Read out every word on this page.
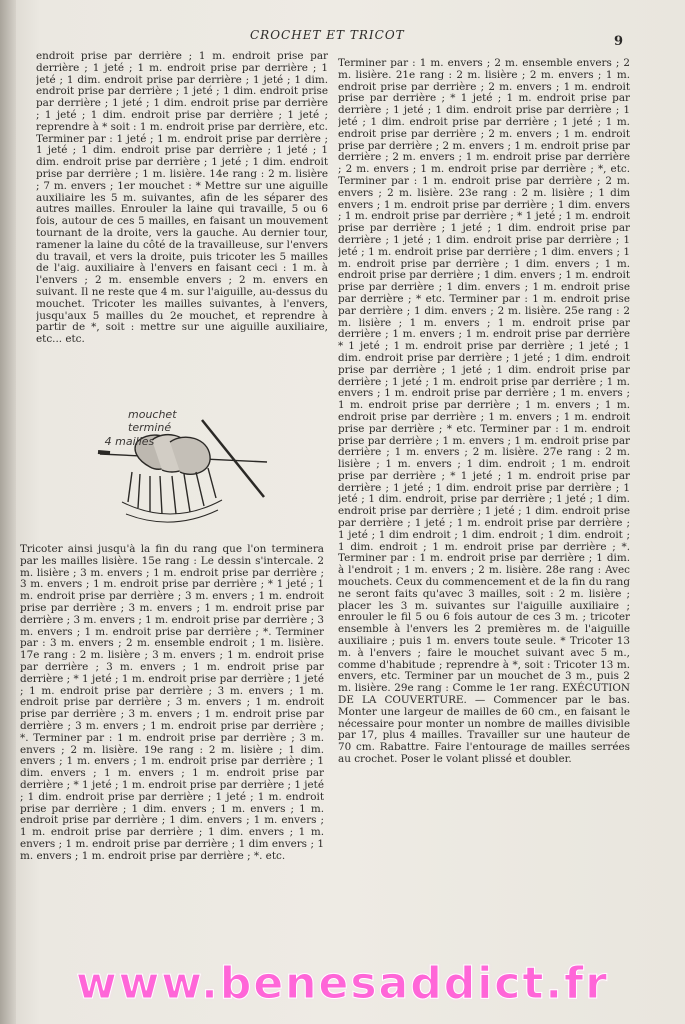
CROCHET ET TRICOT	9

endroit prise par derrière ; 1 m. endroit prise par derrière ; 1 jeté ; 1 m. endroit prise par derrière ; 1 jeté ; 1 dim. endroit prise par derrière ; 1 jeté ; 1 dim. endroit prise par derrière ; 1 jeté ; 1 dim. endroit prise par derrière ; 1 jeté ; 1 dim. endroit prise par derrière ; 1 jeté ; 1 dim. endroit prise par derrière ; 1 jeté ; reprendre à * soit : 1 m. endroit prise par derrière, etc. Terminer par : 1 jeté ; 1 m. endroit prise par derrière ; 1 jeté ; 1 dim. endroit prise par derrière ; 1 jeté ; 1 dim. endroit prise par derrière ; 1 jeté ; 1 dim. endroit prise par derrière ; 1 m. lisière. 14e rang : 2 m. lisière ; 7 m. envers ; 1er mouchet : * Mettre sur une aiguille auxiliaire les 5 m. suivantes, afin de les séparer des autres mailles. Enrouler la laine qui travaille, 5 ou 6 fois, autour de ces 5 mailles, en faisant un mouvement tournant de la droite, vers la gauche. Au dernier tour, ramener la laine du côté de la travailleuse, sur l'envers du travail, et vers la droite, puis tricoter les 5 mailles de l'aig. auxiliaire à l'envers en faisant ceci : 1 m. à l'envers ; 2 m. ensemble envers ; 2 m. envers en suivant. Il ne reste que 4 m. sur l'aiguille, au-dessus du mouchet. Tricoter les mailles suivantes, à l'envers, jusqu'aux 5 mailles du 2e mouchet, et reprendre à partir de *, soit : mettre sur une aiguille auxiliaire, etc... etc.

mouchet terminé 4 mailles

Tricoter ainsi jusqu'à la fin du rang que l'on terminera par les mailles lisière. 15e rang : Le dessin s'intercale. 2 m. lisière ; 3 m. envers ; 1 m. endroit prise par derrière ; 3 m. envers ; 1 m. endroit prise par derrière ; * 1 jeté ; 1 m. endroit prise par derrière ; 3 m. envers ; 1 m. endroit prise par derrière ; 3 m. envers ; 1 m. endroit prise par derrière ; 3 m. envers ; 1 m. endroit prise par derrière ; 3 m. envers ; 1 m. endroit prise par derrière ; *. Terminer par : 3 m. envers ; 2 m. ensemble endroit ; 1 m. lisière. 17e rang : 2 m. lisière ; 3 m. envers ; 1 m. endroit prise par derrière ; 3 m. envers ; 1 m. endroit prise par derrière ; * 1 jeté ; 1 m. endroit prise par derrière ; 1 jeté ; 1 m. endroit prise par derrière ; 3 m. envers ; 1 m. endroit prise par derrière ; 3 m. envers ; 1 m. endroit prise par derrière ; 3 m. envers ; 1 m. endroit prise par derrière ; 3 m. envers ; 1 m. endroit prise par derrière ; *. Terminer par : 1 m. endroit prise par derrière ; 3 m. envers ; 2 m. lisière. 19e rang : 2 m. lisière ; 1 dim. envers ; 1 m. envers ; 1 m. endroit prise par derrière ; 1 dim. envers ; 1 m. envers ; 1 m. endroit prise par derrière ; * 1 jeté ; 1 m. endroit prise par derrière ; 1 jeté ; 1 dim. endroit prise par derrière ; 1 jeté ; 1 m. endroit prise par derrière ; 1 dim. envers ; 1 m. envers ; 1 m. endroit prise par derrière ; 1 dim. envers ; 1 m. envers ; 1 m. endroit prise par derrière ; 1 dim. envers ; 1 m. envers ; 1 m. endroit prise par derrière ; 1 dim envers ; 1 m. envers ; 1 m. endroit prise par derrière ; *. etc.

Terminer par : 1 m. envers ; 2 m. ensemble envers ; 2 m. lisière. 21e rang : 2 m. lisière ; 2 m. envers ; 1 m. endroit prise par derrière ; 2 m. envers ; 1 m. endroit prise par derrière ; * 1 jeté ; 1 m. endroit prise par derrière ; 1 jeté ; 1 dim. endroit prise par derrière ; 1 jeté ; 1 dim. endroit prise par derrière ; 1 jeté ; 1 m. endroit prise par derrière ; 2 m. envers ; 1 m. endroit prise par derrière ; 2 m. envers ; 1 m. endroit prise par derrière ; 2 m. envers ; 1 m. endroit prise par derrière ; 2 m. envers ; 1 m. endroit prise par derrière ; *, etc. Terminer par : 1 m. endroit prise par derrière ; 2 m. envers ; 2 m. lisière. 23e rang : 2 m. lisière ; 1 dim envers ; 1 m. endroit prise par derrière ; 1 dim. envers ; 1 m. endroit prise par derrière ; * 1 jeté ; 1 m. endroit prise par derrière ; 1 jeté ; 1 dim. endroit prise par derrière ; 1 jeté ; 1 dim. endroit prise par derrière ; 1 jeté ; 1 m. endroit prise par derrière ; 1 dim. envers ; 1 m. endroit prise par derrière ; 1 dim. envers ; 1 m. endroit prise par derrière ; 1 dim. envers ; 1 m. endroit prise par derrière ; 1 dim. envers ; 1 m. endroit prise par derrière ; * etc. Terminer par : 1 m. endroit prise par derrière ; 1 dim. envers ; 2 m. lisière. 25e rang : 2 m. lisière ; 1 m. envers ; 1 m. endroit prise par derrière ; 1 m. envers ; 1 m. endroit prise par derrière * 1 jeté ; 1 m. endroit prise par derrière ; 1 jeté ; 1 dim. endroit prise par derrière ; 1 jeté ; 1 dim. endroit prise par derrière ; 1 jeté ; 1 dim. endroit prise par derrière ; 1 jeté ; 1 m. endroit prise par derrière ; 1 m. envers ; 1 m. endroit prise par derrière ; 1 m. envers ; 1 m. endroit prise par derrière ; 1 m. envers ; 1 m. endroit prise par derrière ; 1 m. envers ; 1 m. endroit prise par derrière ; * etc. Terminer par : 1 m. endroit prise par derrière ; 1 m. envers ; 1 m. endroit prise par derrière ; 1 m. envers ; 2 m. lisière. 27e rang : 2 m. lisière ; 1 m. envers ; 1 dim. endroit ; 1 m. endroit prise par derrière ; * 1 jeté ; 1 m. endroit prise par derrière ; 1 jeté ; 1 dim. endroit prise par derrière ; 1 jeté ; 1 dim. endroit, prise par derrière ; 1 jeté ; 1 dim. endroit prise par derrière ; 1 jeté ; 1 dim. endroit prise par derrière ; 1 jeté ; 1 m. endroit prise par derrière ; 1 jeté ; 1 dim endroit ; 1 dim. endroit ; 1 dim. endroit ; 1 dim. endroit ; 1 m. endroit prise par derrière ; *. Terminer par : 1 m. endroit prise par derrière ; 1 dim. à l'endroit ; 1 m. envers ; 2 m. lisière. 28e rang : Avec mouchets. Ceux du commencement et de la fin du rang ne seront faits qu'avec 3 mailles, soit : 2 m. lisière ; placer les 3 m. suivantes sur l'aiguille auxiliaire ; enrouler le fil 5 ou 6 fois autour de ces 3 m. ; tricoter ensemble à l'envers les 2 premières m. de l'aiguille auxiliaire ; puis 1 m. envers toute seule. * Tricoter 13 m. à l'envers ; faire le mouchet suivant avec 5 m., comme d'habitude ; reprendre à *, soit : Tricoter 13 m. envers, etc. Terminer par un mouchet de 3 m., puis 2 m. lisière. 29e rang : Comme le 1er rang. EXÉCUTION DE LA COUVERTURE. — Commencer par le bas. Monter une largeur de mailles de 60 cm., en faisant le nécessaire pour monter un nombre de mailles divisible par 17, plus 4 mailles. Travailler sur une hauteur de 70 cm. Rabattre. Faire l'entourage de mailles serrées au crochet. Poser le volant plissé et doubler.

www.benesaddict.fr
